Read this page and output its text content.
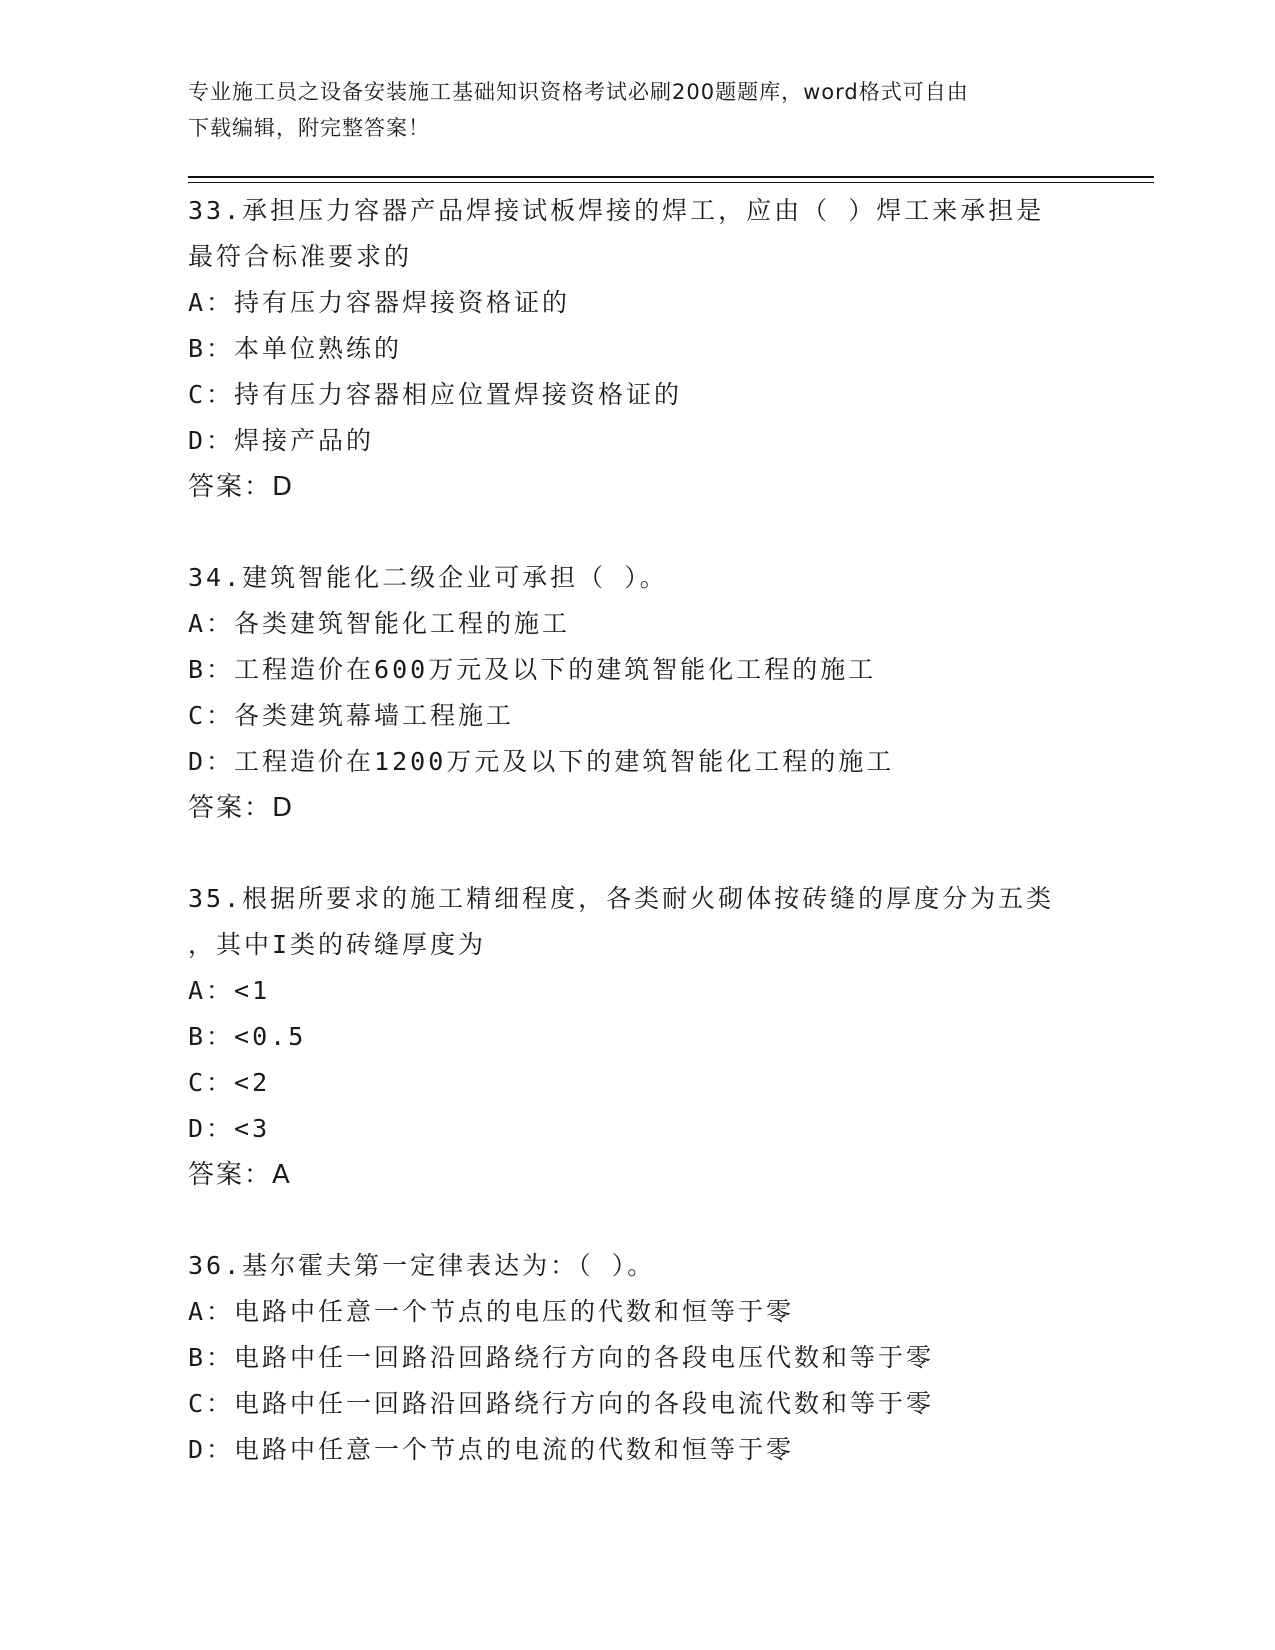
专业施工员之设备安装施工基础知识资格考试必刷200题题库，word格式可自由
下载编辑，附完整答案！
33.承担压力容器产品焊接试板焊接的焊工，应由（ ）焊工来承担是
最符合标准要求的
A：持有压力容器焊接资格证的
B：本单位熟练的
C：持有压力容器相应位置焊接资格证的
D：焊接产品的
答案：D
34.建筑智能化二级企业可承担（ ）。
A：各类建筑智能化工程的施工
B：工程造价在600万元及以下的建筑智能化工程的施工
C：各类建筑幕墙工程施工
D：工程造价在1200万元及以下的建筑智能化工程的施工
答案：D
35.根据所要求的施工精细程度，各类耐火砌体按砖缝的厚度分为五类
，其中I类的砖缝厚度为
A：<1
B：<0.5
C：<2
D：<3
答案：A
36.基尔霍夫第一定律表达为：（ ）。
A：电路中任意一个节点的电压的代数和恒等于零
B：电路中任一回路沿回路绕行方向的各段电压代数和等于零
C：电路中任一回路沿回路绕行方向的各段电流代数和等于零
D：电路中任意一个节点的电流的代数和恒等于零
